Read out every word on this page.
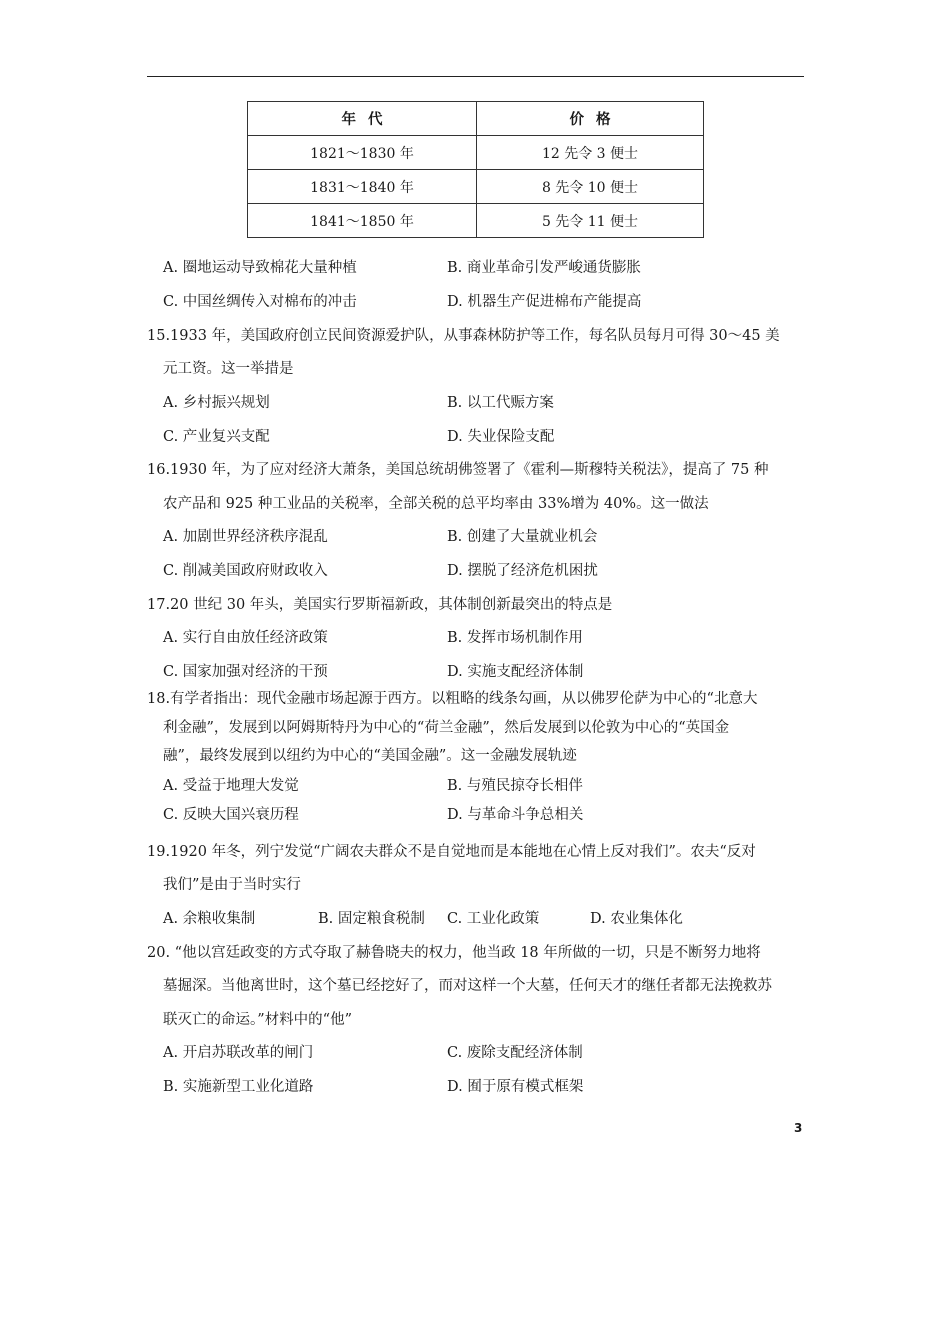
年代	价格
1821～1830 年	12 先令 3 便士
1831～1840 年	8 先令 10 便士
1841～1850 年	5 先令 11 便士
A. 圈地运动导致棉花大量种植	B. 商业革命引发严峻通货膨胀
C. 中国丝绸传入对棉布的冲击	D. 机器生产促进棉布产能提高
15.1933 年，美国政府创立民间资源爱护队，从事森林防护等工作，每名队员每月可得 30～45 美
元工资。这一举措是
A. 乡村振兴规划	B. 以工代赈方案
C. 产业复兴支配	D. 失业保险支配
16.1930 年，为了应对经济大萧条，美国总统胡佛签署了《霍利—斯穆特关税法》，提高了 75 种
农产品和 925 种工业品的关税率，全部关税的总平均率由 33%增为 40%。这一做法
A. 加剧世界经济秩序混乱	B. 创建了大量就业机会
C. 削减美国政府财政收入	D. 摆脱了经济危机困扰
17.20 世纪 30 年头，美国实行罗斯福新政，其体制创新最突出的特点是
A. 实行自由放任经济政策	B. 发挥市场机制作用
C. 国家加强对经济的干预	D. 实施支配经济体制
18.有学者指出：现代金融市场起源于西方。以粗略的线条勾画，从以佛罗伦萨为中心的“北意大
利金融”，发展到以阿姆斯特丹为中心的“荷兰金融”，然后发展到以伦敦为中心的“英国金
融”，最终发展到以纽约为中心的“美国金融”。这一金融发展轨迹
A. 受益于地理大发觉	B. 与殖民掠夺长相伴
C. 反映大国兴衰历程	D. 与革命斗争总相关
19.1920 年冬，列宁发觉“广阔农夫群众不是自觉地而是本能地在心情上反对我们”。农夫“反对
我们”是由于当时实行
A. 余粮收集制	B. 固定粮食税制 C. 工业化政策	D. 农业集体化
20. “他以宫廷政变的方式夺取了赫鲁晓夫的权力，他当政 18 年所做的一切，只是不断努力地将
墓掘深。当他离世时，这个墓已经挖好了，而对这样一个大墓，任何天才的继任者都无法挽救苏
联灭亡的命运。”材料中的“他”
A. 开启苏联改革的闸门	C. 废除支配经济体制
B. 实施新型工业化道路	D. 囿于原有模式框架
3
